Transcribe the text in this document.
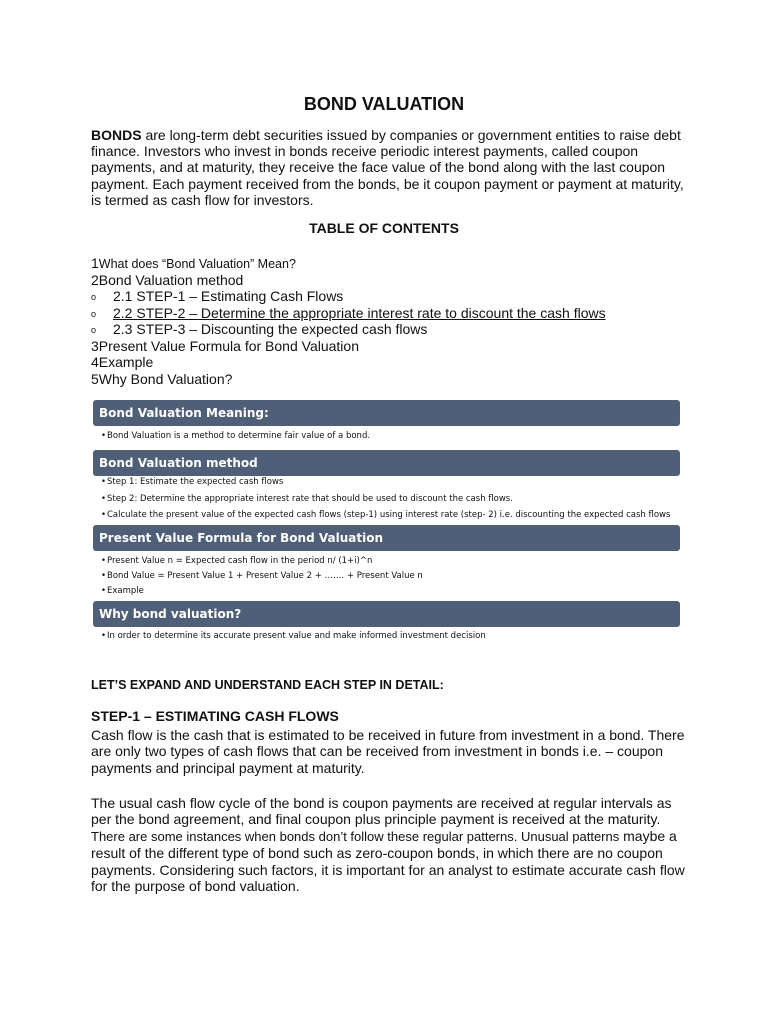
BOND VALUATION
BONDS are long-term debt securities issued by companies or government entities to raise debt finance. Investors who invest in bonds receive periodic interest payments, called coupon payments, and at maturity, they receive the face value of the bond along with the last coupon payment. Each payment received from the bonds, be it coupon payment or payment at maturity, is termed as cash flow for investors.
TABLE OF CONTENTS
1What does “Bond Valuation” Mean?
2Bond Valuation method
o 2.1 STEP-1 – Estimating Cash Flows
o 2.2 STEP-2 – Determine the appropriate interest rate to discount the cash flows
o 2.3 STEP-3 – Discounting the expected cash flows
3Present Value Formula for Bond Valuation
4Example
5Why Bond Valuation?
Bond Valuation Meaning:
•Bond Valuation is a method to determine fair value of a bond.
Bond Valuation method
•Step 1: Estimate the expected cash flows
•Step 2: Determine the appropriate interest rate that should be used to discount the cash flows.
•Calculate the present value of the expected cash flows (step-1) using interest rate (step- 2) i.e. discounting the expected cash flows
Present Value Formula for Bond Valuation
•Present Value n = Expected cash flow in the period n/ (1+i)^n
•Bond Value = Present Value 1 + Present Value 2 + ……. + Present Value n
•Example
Why bond valuation?
•In order to determine its accurate present value and make informed investment decision
LET’S EXPAND AND UNDERSTAND EACH STEP IN DETAIL:
STEP-1 – ESTIMATING CASH FLOWS
Cash flow is the cash that is estimated to be received in future from investment in a bond. There are only two types of cash flows that can be received from investment in bonds i.e. – coupon payments and principal payment at maturity.
The usual cash flow cycle of the bond is coupon payments are received at regular intervals as per the bond agreement, and final coupon plus principle payment is received at the maturity. There are some instances when bonds don’t follow these regular patterns. Unusual patterns maybe a result of the different type of bond such as zero-coupon bonds, in which there are no coupon payments. Considering such factors, it is important for an analyst to estimate accurate cash flow for the purpose of bond valuation.
